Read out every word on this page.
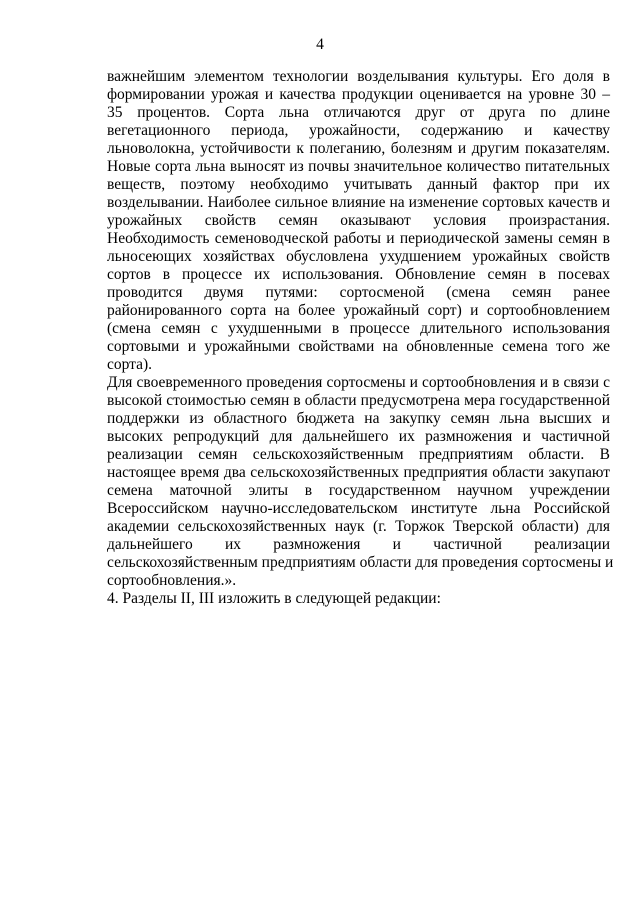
4
важнейшим элементом технологии возделывания культуры. Его доля в
формировании урожая и качества продукции оценивается на уровне 30 –
35 процентов. Сорта льна отличаются друг от друга по длине
вегетационного периода, урожайности, содержанию и качеству
льноволокна, устойчивости к полеганию, болезням и другим показателям.
Новые сорта льна выносят из почвы значительное количество питательных
веществ, поэтому необходимо учитывать данный фактор при их
возделывании. Наиболее сильное влияние на изменение сортовых качеств и
урожайных свойств семян оказывают условия произрастания.
Необходимость семеноводческой работы и периодической замены семян в
льносеющих хозяйствах обусловлена ухудшением урожайных свойств
сортов в процессе их использования. Обновление семян в посевах
проводится двумя путями: сортосменой (смена семян ранее
районированного сорта на более урожайный сорт) и сортообновлением
(смена семян с ухудшенными в процессе длительного использования
сортовыми и урожайными свойствами на обновленные семена того же
сорта).
Для своевременного проведения сортосмены и сортообновления и в связи с
высокой стоимостью семян в области предусмотрена мера государственной
поддержки из областного бюджета на закупку семян льна высших и
высоких репродукций для дальнейшего их размножения и частичной
реализации семян сельскохозяйственным предприятиям области. В
настоящее время два сельскохозяйственных предприятия области закупают
семена маточной элиты в государственном научном учреждении
Всероссийском научно-исследовательском институте льна Российской
академии сельскохозяйственных наук (г. Торжок Тверской области) для
дальнейшего их размножения и частичной реализации
сельскохозяйственным предприятиям области для проведения сортосмены и
сортообновления.».
4. Разделы II, III изложить в следующей редакции:
